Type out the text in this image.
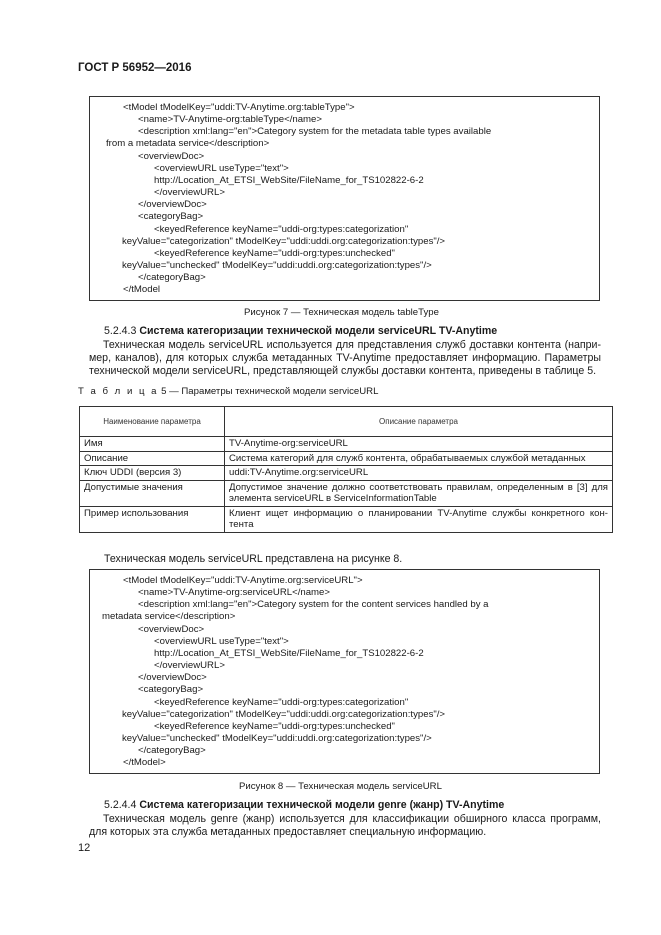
ГОСТ Р 56952—2016
<tModel tModelKey="uddi:TV-Anytime.org:tableType">
<name>TV-Anytime-org:tableType</name>
<description xml:lang="en">Category system for the metadata table types available
from a metadata service</description>
<overviewDoc>
<overviewURL useType="text">
http://Location_At_ETSI_WebSite/FileName_for_TS102822-6-2
</overviewURL>
</overviewDoc>
<categoryBag>
<keyedReference keyName="uddi-org:types:categorization"
keyValue="categorization" tModelKey="uddi:uddi.org:categorization:types"/>
<keyedReference keyName="uddi-org:types:unchecked"
keyValue="unchecked" tModelKey="uddi:uddi.org:categorization:types"/>
</categoryBag>
</tModel
Рисунок 7 — Техническая модель tableType
5.2.4.3 Система категоризации технической модели serviceURL TV-Anytime
Техническая модель serviceURL используется для представления служб доставки контента (напри-
мер, каналов), для которых служба метаданных TV-Anytime предоставляет информацию. Параметры
технической модели serviceURL, представляющей службы доставки контента, приведены в таблице 5.
Т а б л и ц а 5 — Параметры технической модели serviceURL
Наименование параметра	Описание параметра
Имя	TV-Anytime-org:serviceURL
Описание	Система категорий для служб контента, обрабатываемых службой метаданных
Ключ UDDI (версия 3)	uddi:TV-Anytime.org:serviceURL
Допустимые значения	Допустимое значение должно соответствовать правилам, определенным в [3] для
элемента serviceURL в ServiceInformationTable
Пример использования	Клиент ищет информацию о планировании TV-Anytime службы конкретного кон-
тента
Техническая модель serviceURL представлена на рисунке 8.
<tModel tModelKey="uddi:TV-Anytime.org:serviceURL">
<name>TV-Anytime-org:serviceURL</name>
<description xml:lang="en">Category system for the content services handled by a
metadata service</description>
<overviewDoc>
<overviewURL useType="text">
http://Location_At_ETSI_WebSite/FileName_for_TS102822-6-2
</overviewURL>
</overviewDoc>
<categoryBag>
<keyedReference keyName="uddi-org:types:categorization"
keyValue="categorization" tModelKey="uddi:uddi.org:categorization:types"/>
<keyedReference keyName="uddi-org:types:unchecked"
keyValue="unchecked" tModelKey="uddi:uddi.org:categorization:types"/>
</categoryBag>
</tModel>
Рисунок 8 — Техническая модель serviceURL
5.2.4.4 Система категоризации технической модели genre (жанр) TV-Anytime
Техническая модель genre (жанр) используется для классификации обширного класса программ,
для которых эта служба метаданных предоставляет специальную информацию.
12
